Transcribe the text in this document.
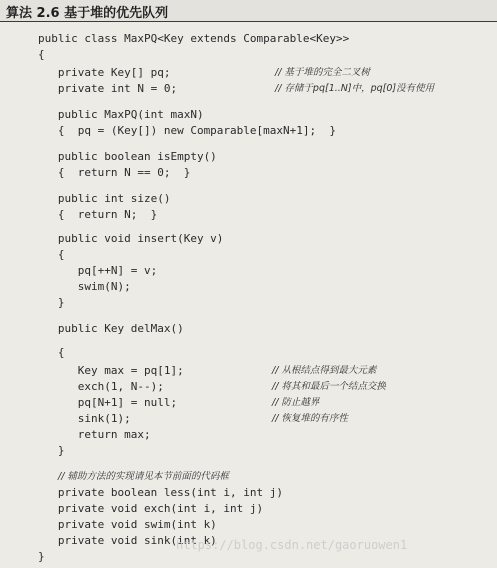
算法 2.6 基于堆的优先队列
public class MaxPQ<Key extends Comparable<Key>>
{
private Key[] pq;	// 基于堆的完全二叉树
private int N = 0;	// 存储于pq[1..N]中，pq[0]没有使用
public MaxPQ(int maxN)
{  pq = (Key[]) new Comparable[maxN+1];  }
public boolean isEmpty()
{  return N == 0;  }
public int size()
{  return N;  }
public void insert(Key v)
{
pq[++N] = v;
swim(N);
}
public Key delMax()
{
Key max = pq[1];	// 从根结点得到最大元素
exch(1, N--);	// 将其和最后一个结点交换
pq[N+1] = null;	// 防止越界
sink(1);	// 恢复堆的有序性
return max;
}
// 辅助方法的实现请见本节前面的代码框
private boolean less(int i, int j)
private void exch(int i, int j)
private void swim(int k)
private void sink(int k)
}
https://blog.csdn.net/gaoruowen1
